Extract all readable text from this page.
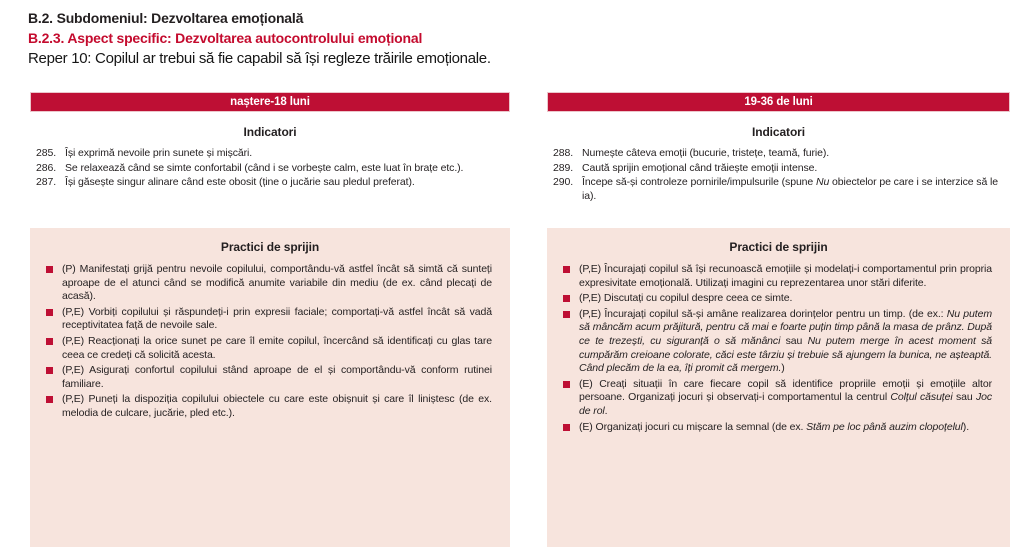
B.2. Subdomeniul: Dezvoltarea emoțională
B.2.3. Aspect specific: Dezvoltarea autocontrolului emoțional
Reper 10: Copilul ar trebui să fie capabil să își regleze trăirile emoționale.
naștere-18 luni
Indicatori
285. Își exprimă nevoile prin sunete și mișcări.
286. Se relaxează când se simte confortabil (când i se vorbește calm, este luat în brațe etc.).
287. Își găsește singur alinare când este obosit (ține o jucărie sau pledul preferat).
Practici de sprijin
(P) Manifestați grijă pentru nevoile copilului, comportându-vă astfel încât să simtă că sunteți aproape de el atunci când se modifică anumite variabile din mediu (de ex. când plecați de acasă).
(P,E) Vorbiți copilului și răspundeți-i prin expresii faciale; comportați-vă astfel încât să vadă receptivitatea față de nevoile sale.
(P,E) Reacționați la orice sunet pe care îl emite copilul, încercând să identificați cu glas tare ceea ce credeți că solicită acesta.
(P,E) Asigurați confortul copilului stând aproape de el și comportându-vă conform rutinei familiare.
(P,E) Puneți la dispoziția copilului obiectele cu care este obișnuit și care îl liniștesc (de ex. melodia de culcare, jucărie, pled etc.).
19-36 de luni
Indicatori
288. Numește câteva emoții (bucurie, tristețe, teamă, furie).
289. Caută sprijin emoțional când trăiește emoții intense.
290. Începe să-și controleze pornirile/impulsurile (spune Nu obiectelor pe care i se interzice să le ia).
Practici de sprijin
(P,E) Încurajați copilul să își recunoască emoțiile și modelați-i comportamentul prin propria expresivitate emoțională. Utilizați imagini cu reprezentarea unor stări diferite.
(P,E) Discutați cu copilul despre ceea ce simte.
(P,E) Încurajați copilul să-și amâne realizarea dorințelor pentru un timp. (de ex.: Nu putem să mâncăm acum prăjitură, pentru că mai e foarte puțin timp până la masa de prânz. După ce te trezești, cu siguranță o să mănânci sau Nu putem merge în acest moment să cumpărăm creioane colorate, căci este târziu și trebuie să ajungem la bunica, ne așteaptă. Când plecăm de la ea, îți promit că mergem.)
(E) Creați situații în care fiecare copil să identifice propriile emoții și emoțiile altor persoane. Organizați jocuri și observați-i comportamentul la centrul Colțul căsuței sau Joc de rol.
(E) Organizați jocuri cu mișcare la semnal (de ex. Stăm pe loc până auzim clopoțelul).
